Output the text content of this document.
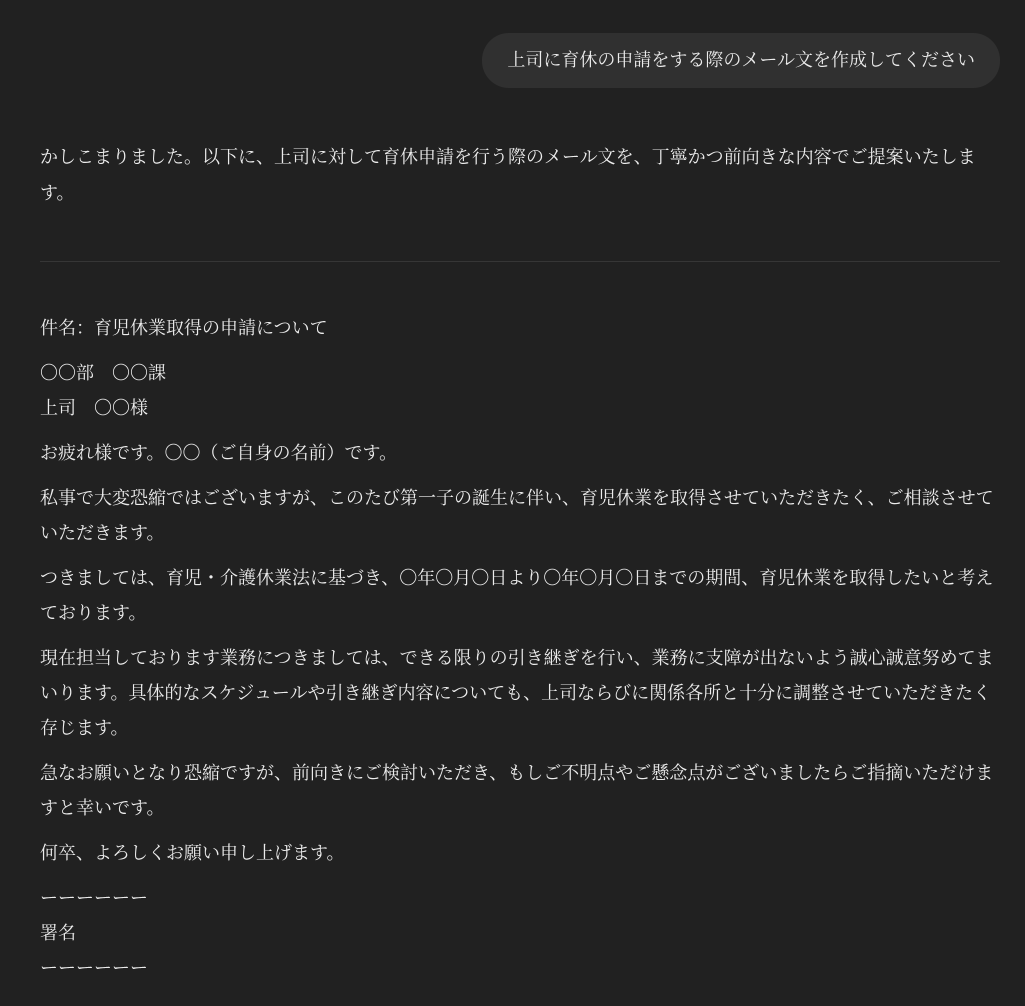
上司に育休の申請をする際のメール文を作成してください

かしこまりました。以下に、上司に対して育休申請を行う際のメール文を、丁寧かつ前向きな内容でご提案いたします。

件名：育児休業取得の申請について

〇〇部　〇〇課

上司　〇〇様

お疲れ様です。〇〇（ご自身の名前）です。

私事で大変恐縮ではございますが、このたび第一子の誕生に伴い、育児休業を取得させていただきたく、ご相談させていただきます。

つきましては、育児・介護休業法に基づき、〇年〇月〇日より〇年〇月〇日までの期間、育児休業を取得したいと考えております。

現在担当しております業務につきましては、できる限りの引き継ぎを行い、業務に支障が出ないよう誠心誠意努めてまいります。具体的なスケジュールや引き継ぎ内容についても、上司ならびに関係各所と十分に調整させていただきたく存じます。

急なお願いとなり恐縮ですが、前向きにご検討いただき、もしご不明点やご懸念点がございましたらご指摘いただけますと幸いです。

何卒、よろしくお願い申し上げます。

ーーーーーー

署名

ーーーーーー
